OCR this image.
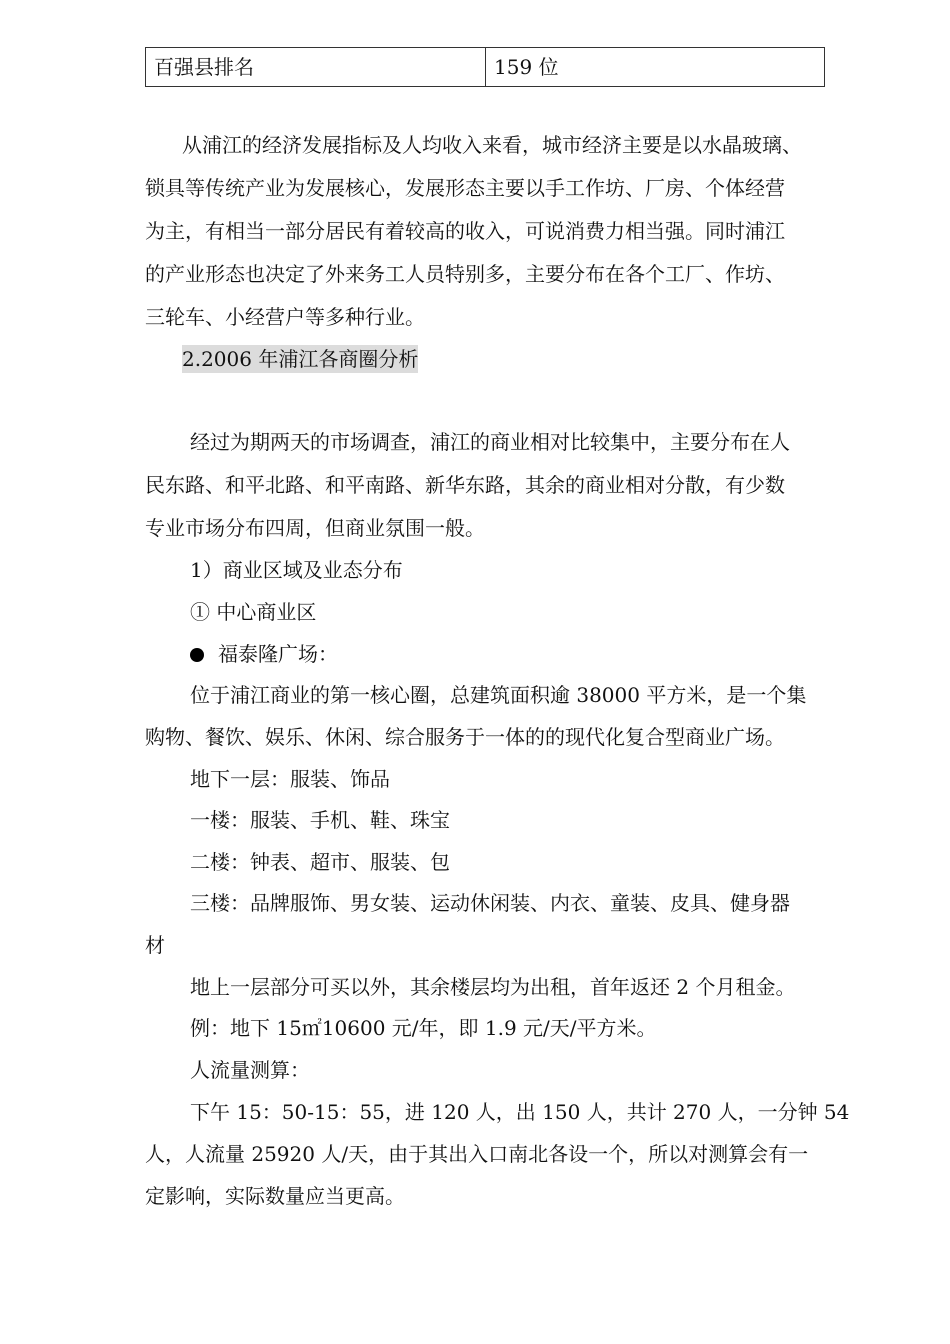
百强县排名	159 位
从浦江的经济发展指标及人均收入来看，城市经济主要是以水晶玻璃、
锁具等传统产业为发展核心，发展形态主要以手工作坊、厂房、个体经营
为主，有相当一部分居民有着较高的收入，可说消费力相当强。同时浦江
的产业形态也决定了外来务工人员特别多，主要分布在各个工厂、作坊、
三轮车、小经营户等多种行业。
2.2006 年浦江各商圈分析
经过为期两天的市场调查，浦江的商业相对比较集中，主要分布在人
民东路、和平北路、和平南路、新华东路，其余的商业相对分散，有少数
专业市场分布四周，但商业氛围一般。
1）商业区域及业态分布
① 中心商业区
福泰隆广场：
位于浦江商业的第一核心圈，总建筑面积逾 38000 平方米，是一个集
购物、餐饮、娱乐、休闲、综合服务于一体的的现代化复合型商业广场。
地下一层：服装、饰品
一楼：服装、手机、鞋、珠宝
二楼：钟表、超市、服装、包
三楼：品牌服饰、男女装、运动休闲装、内衣、童装、皮具、健身器
材
地上一层部分可买以外，其余楼层均为出租，首年返还 2 个月租金。
例：地下 15㎡10600 元/年，即 1.9 元/天/平方米。
人流量测算：
下午 15：50-15：55，进 120 人，出 150 人，共计 270 人，一分钟 54
人，人流量 25920 人/天，由于其出入口南北各设一个，所以对测算会有一
定影响，实际数量应当更高。
